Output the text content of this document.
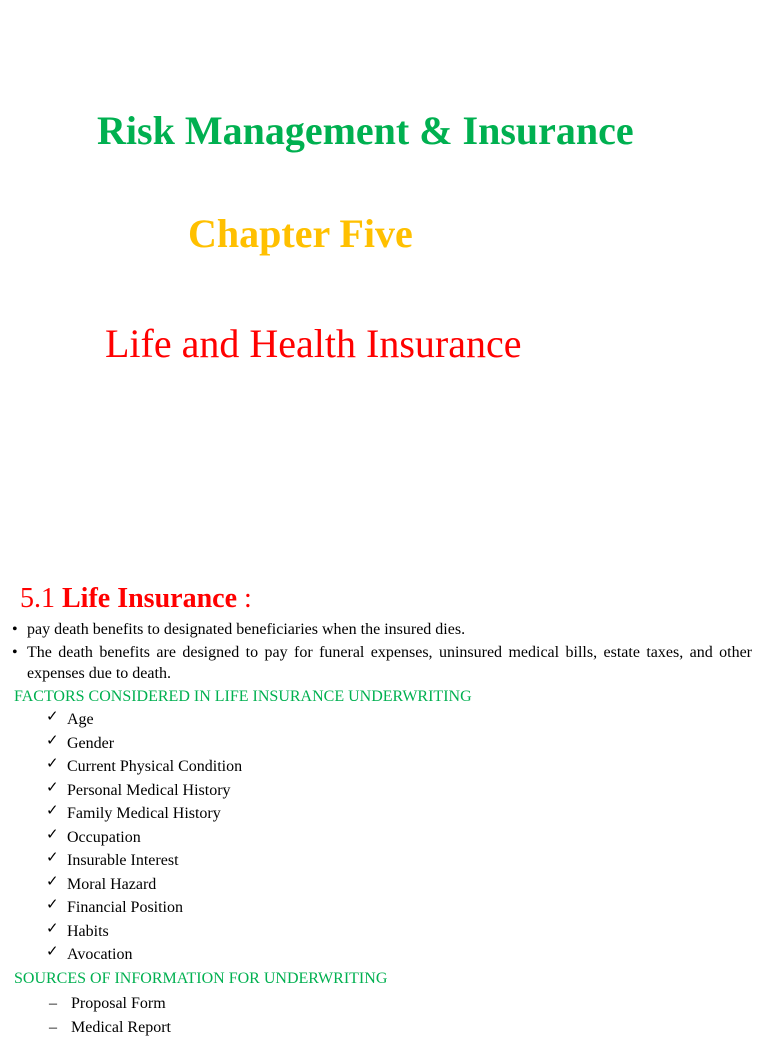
Risk Management & Insurance
Chapter Five
Life and Health Insurance
5.1 Life Insurance :
• pay death benefits to designated beneficiaries when the insured dies.
• The death benefits are designed to pay for funeral expenses, uninsured medical bills, estate taxes, and other expenses due to death.
FACTORS CONSIDERED IN LIFE INSURANCE UNDERWRITING
✓ Age
✓ Gender
✓ Current Physical Condition
✓ Personal Medical History
✓ Family Medical History
✓ Occupation
✓ Insurable Interest
✓ Moral Hazard
✓ Financial Position
✓ Habits
✓ Avocation
SOURCES OF INFORMATION FOR UNDERWRITING
– Proposal Form
– Medical Report
